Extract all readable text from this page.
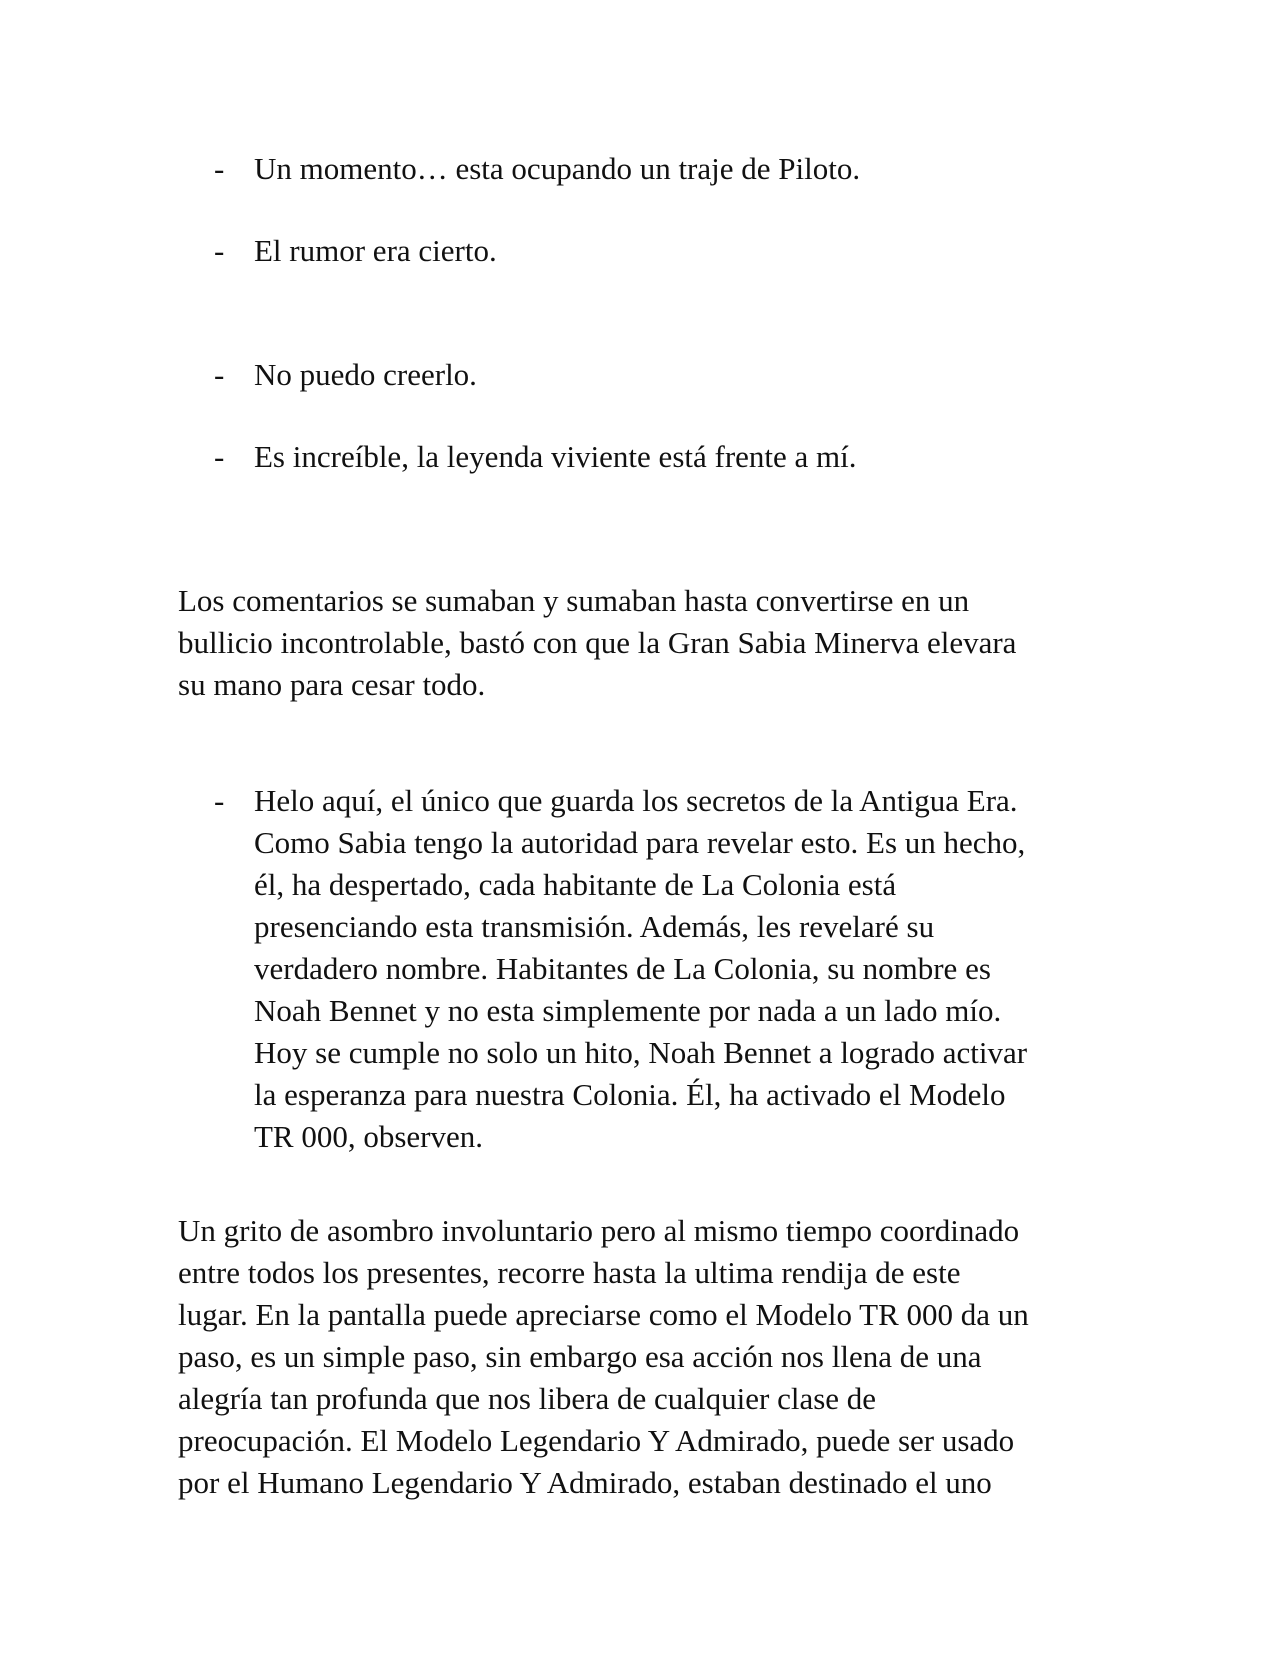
- Un momento… esta ocupando un traje de Piloto.
- El rumor era cierto.
- No puedo creerlo.
- Es increíble, la leyenda viviente está frente a mí.
Los comentarios se sumaban y sumaban hasta convertirse en un
bullicio incontrolable, bastó con que la Gran Sabia Minerva elevara
su mano para cesar todo.
- Helo aquí, el único que guarda los secretos de la Antigua Era.
Como Sabia tengo la autoridad para revelar esto. Es un hecho,
él, ha despertado, cada habitante de La Colonia está
presenciando esta transmisión. Además, les revelaré su
verdadero nombre. Habitantes de La Colonia, su nombre es
Noah Bennet y no esta simplemente por nada a un lado mío.
Hoy se cumple no solo un hito, Noah Bennet a logrado activar
la esperanza para nuestra Colonia. Él, ha activado el Modelo
TR 000, observen.
Un grito de asombro involuntario pero al mismo tiempo coordinado
entre todos los presentes, recorre hasta la ultima rendija de este
lugar. En la pantalla puede apreciarse como el Modelo TR 000 da un
paso, es un simple paso, sin embargo esa acción nos llena de una
alegría tan profunda que nos libera de cualquier clase de
preocupación. El Modelo Legendario Y Admirado, puede ser usado
por el Humano Legendario Y Admirado, estaban destinado el uno
